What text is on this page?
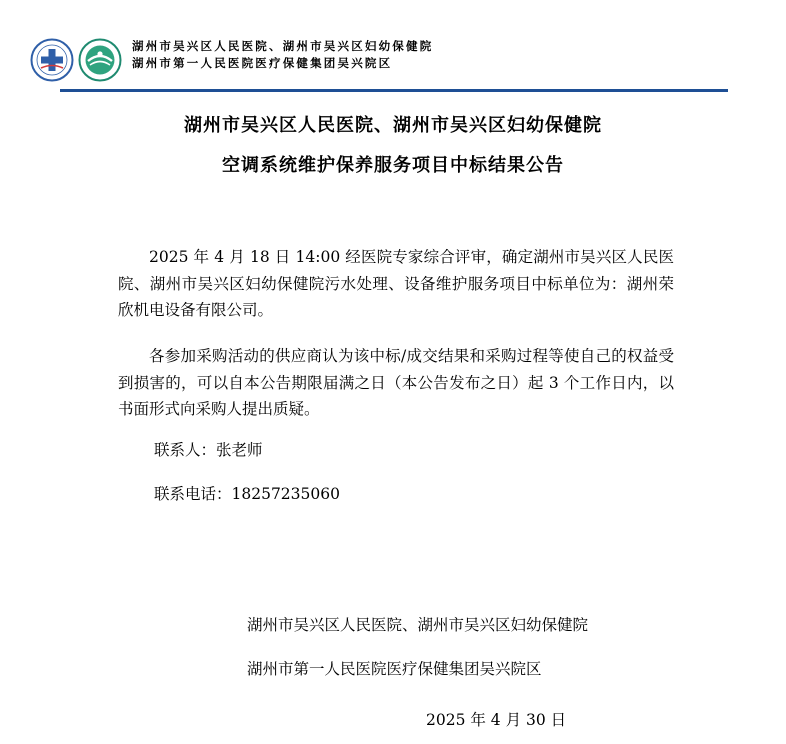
湖州市吴兴区人民医院、湖州市吴兴区妇幼保健院
湖州市第一人民医院医疗保健集团吴兴院区
湖州市吴兴区人民医院、湖州市吴兴区妇幼保健院
空调系统维护保养服务项目中标结果公告

2025 年 4 月 18 日 14:00 经医院专家综合评审，确定湖州市吴兴区人民医院、湖州市吴兴区妇幼保健院污水处理、设备维护服务项目中标单位为：湖州荣欣机电设备有限公司。

各参加采购活动的供应商认为该中标/成交结果和采购过程等使自己的权益受到损害的，可以自本公告期限届满之日（本公告发布之日）起 3 个工作日内，以书面形式向采购人提出质疑。

联系人：张老师
联系电话：18257235060
湖州市吴兴区人民医院、湖州市吴兴区妇幼保健院
湖州市第一人民医院医疗保健集团吴兴院区
2025 年 4 月 30 日
